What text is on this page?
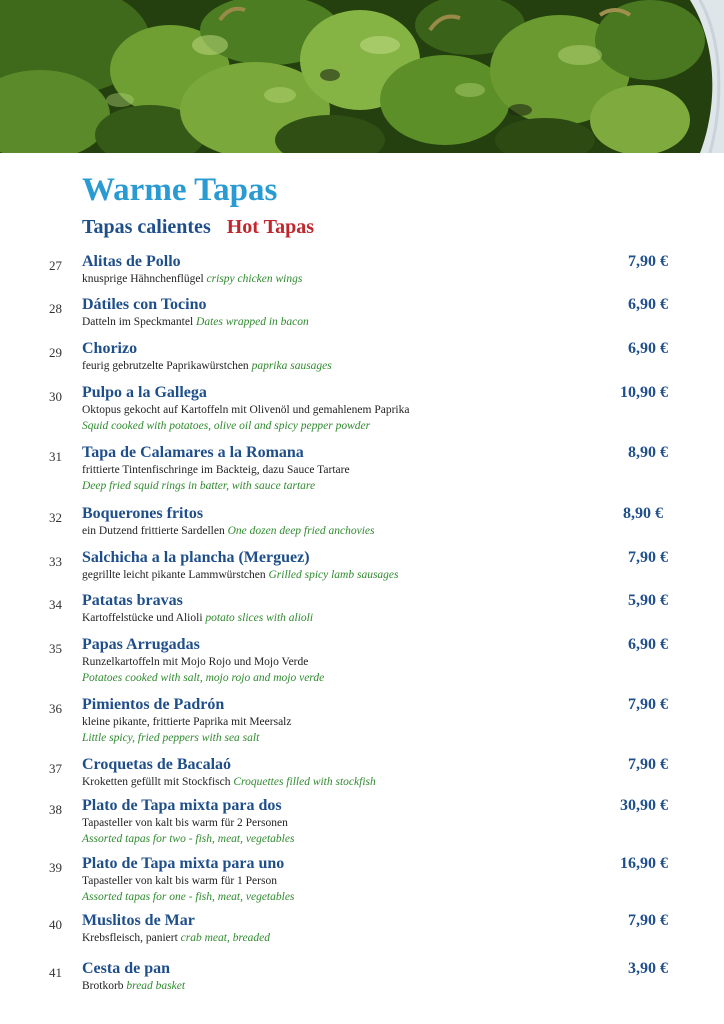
Warme Tapas
Tapas calientes Hot Tapas
27 Alitas de Pollo	7,90 €
knusprige Hähnchenflügel crispy chicken wings
28 Dátiles con Tocino	6,90 €
Datteln im Speckmantel Dates wrapped in bacon
29 Chorizo	6,90 €
feurig gebrutzelte Paprikawürstchen paprika sausages
30 Pulpo a la Gallega	10,90 €
Oktopus gekocht auf Kartoffeln mit Olivenöl und gemahlenem Paprika
Squid cooked with potatoes, olive oil and spicy pepper powder
31 Tapa de Calamares a la Romana	8,90 €
frittierte Tintenfischringe im Backteig, dazu Sauce Tartare
Deep fried squid rings in batter, with sauce tartare
32 Boquerones fritos	8,90 €
ein Dutzend frittierte Sardellen One dozen deep fried anchovies
33 Salchicha a la plancha (Merguez)	7,90 €
gegrillte leicht pikante Lammwürstchen Grilled spicy lamb sausages
34 Patatas bravas	5,90 €
Kartoffelstücke und Alioli potato slices with alioli
35 Papas Arrugadas	6,90 €
Runzelkartoffeln mit Mojo Rojo und Mojo Verde
Potatoes cooked with salt, mojo rojo and mojo verde
36 Pimientos de Padrón	7,90 €
kleine pikante, frittierte Paprika mit Meersalz
Little spicy, fried peppers with sea salt
37 Croquetas de Bacalaó	7,90 €
Kroketten gefüllt mit Stockfisch Croquettes filled with stockfish
38 Plato de Tapa mixta para dos	30,90 €
Tapasteller von kalt bis warm für 2 Personen
Assorted tapas for two - fish, meat, vegetables
39 Plato de Tapa mixta para uno	16,90 €
Tapasteller von kalt bis warm für 1 Person
Assorted tapas for one - fish, meat, vegetables
40 Muslitos de Mar	7,90 €
Krebsfleisch, paniert crab meat, breaded
41 Cesta de pan	3,90 €
Brotkorb bread basket
